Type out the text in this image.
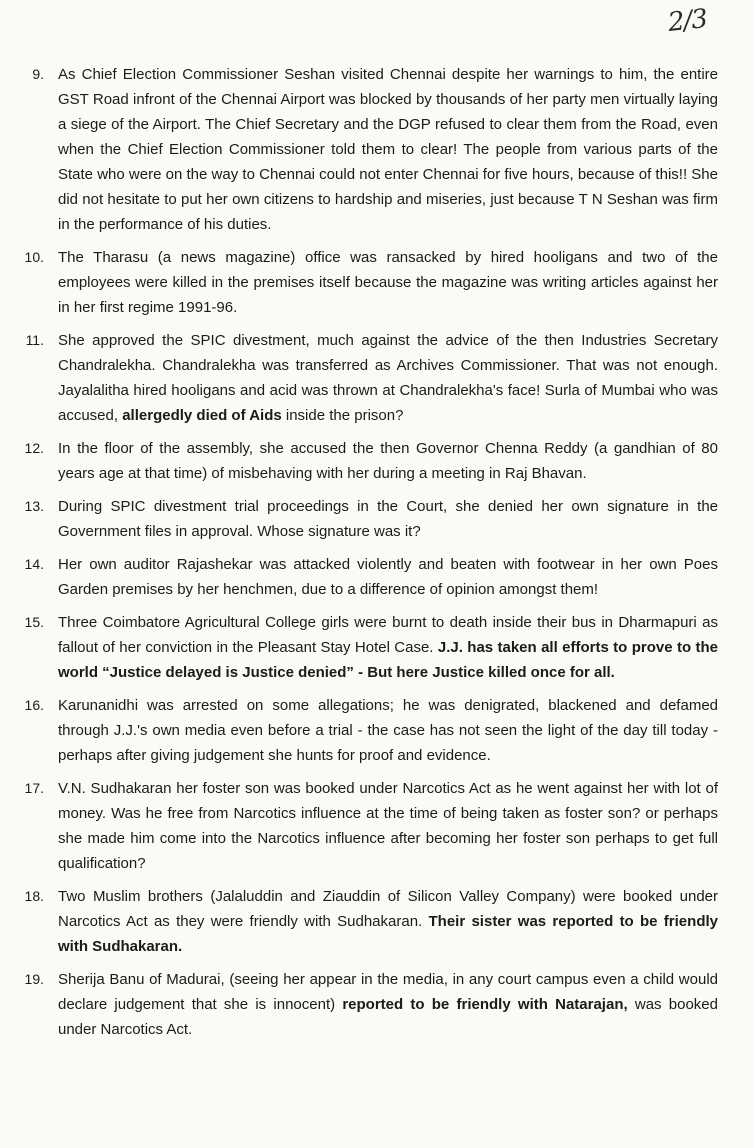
2/3
9. As Chief Election Commissioner Seshan visited Chennai despite her warnings to him, the entire GST Road infront of the Chennai Airport was blocked by thousands of her party men virtually laying a siege of the Airport. The Chief Secretary and the DGP refused to clear them from the Road, even when the Chief Election Commissioner told them to clear! The people from various parts of the State who were on the way to Chennai could not enter Chennai for five hours, because of this!! She did not hesitate to put her own citizens to hardship and miseries, just because T N Seshan was firm in the performance of his duties.
10. The Tharasu (a news magazine) office was ransacked by hired hooligans and two of the employees were killed in the premises itself because the magazine was writing articles against her in her first regime 1991-96.
11. She approved the SPIC divestment, much against the advice of the then Industries Secretary Chandralekha. Chandralekha was transferred as Archives Commissioner. That was not enough. Jayalalitha hired hooligans and acid was thrown at Chandralekha's face! Surla of Mumbai who was accused, allergedly died of Aids inside the prison?
12. In the floor of the assembly, she accused the then Governor Chenna Reddy (a gandhian of 80 years age at that time) of misbehaving with her during a meeting in Raj Bhavan.
13. During SPIC divestment trial proceedings in the Court, she denied her own signature in the Government files in approval. Whose signature was it?
14. Her own auditor Rajashekar was attacked violently and beaten with footwear in her own Poes Garden premises by her henchmen, due to a difference of opinion amongst them!
15. Three Coimbatore Agricultural College girls were burnt to death inside their bus in Dharmapuri as fallout of her conviction in the Pleasant Stay Hotel Case. J.J. has taken all efforts to prove to the world “Justice delayed is Justice denied” - But here Justice killed once for all.
16. Karunanidhi was arrested on some allegations; he was denigrated, blackened and defamed through J.J.'s own media even before a trial - the case has not seen the light of the day till today - perhaps after giving judgement she hunts for proof and evidence.
17. V.N. Sudhakaran her foster son was booked under Narcotics Act as he went against her with lot of money. Was he free from Narcotics influence at the time of being taken as foster son? or perhaps she made him come into the Narcotics influence after becoming her foster son perhaps to get full qualification?
18. Two Muslim brothers (Jalaluddin and Ziauddin of Silicon Valley Company) were booked under Narcotics Act as they were friendly with Sudhakaran. Their sister was reported to be friendly with Sudhakaran.
19. Sherija Banu of Madurai, (seeing her appear in the media, in any court campus even a child would declare judgement that she is innocent) reported to be friendly with Natarajan, was booked under Narcotics Act.
